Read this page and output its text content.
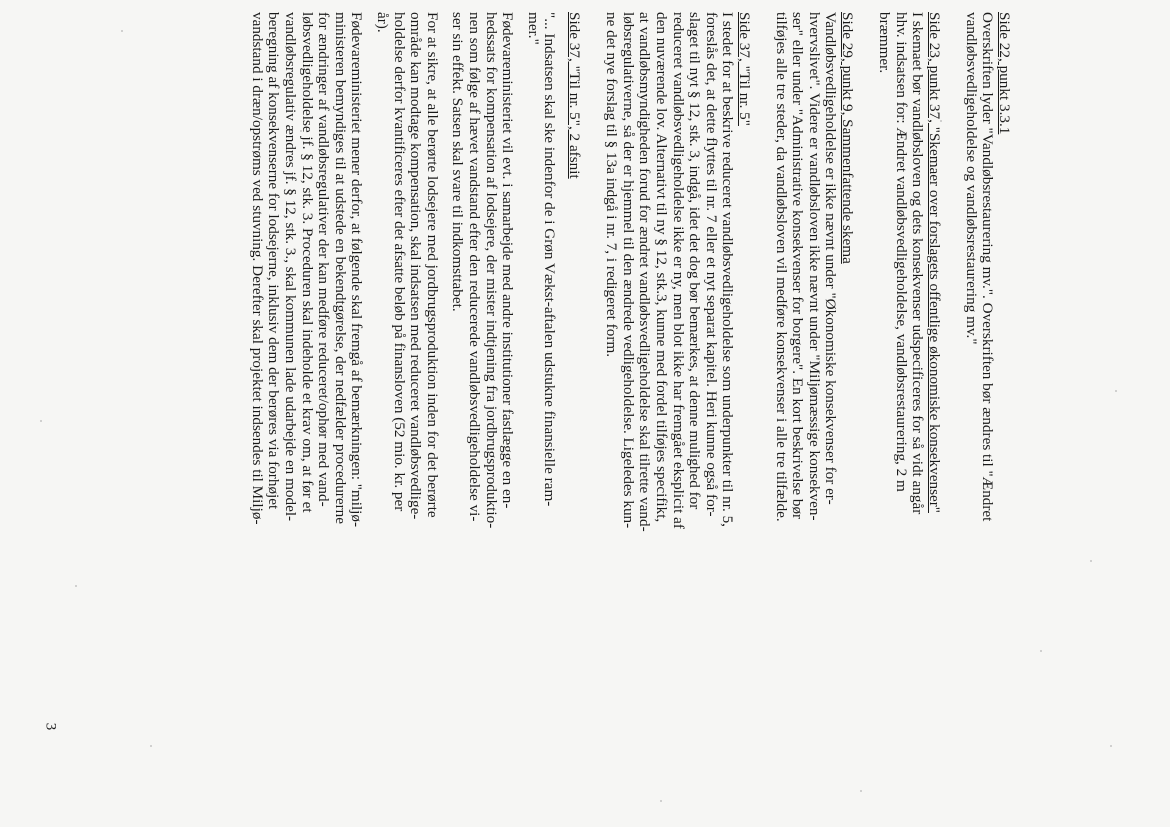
Side 22, punkt 3.3.1
Overskriften lyder "Vandløbsrestaurering mv.". Overskriften bør ændres til "Ændret
vandløbsvedligeholdelse og vandløbsrestaurering mv."
Side 23, punkt 37, "Skemaer over forslagets offentlige økonomiske konsekvenser"
I skemaet bør vandløbsloven og dets konsekvenser udspecificeres for så vidt angår
hhv. indsatsen for: Ændret vandløbsvedligeholdelse, vandløbsrestaurering, 2 m
bræmmer.
Side 29, punkt 9, Sammenfattende skema
Vandløbsvedligeholdelse er ikke nævnt under "Økonomiske konsekvenser for er-
hvervslivet". Videre er vandløbsloven ikke nævnt under "Miljømæssige konsekven-
ser" eller under "Administrative konsekvenser for borgere". En kort beskrivelse bør
tilføjes alle tre steder, da vandløbsloven vil medføre konsekvenser i alle tre tilfælde.
Side 37, "Til nr. 5"
I stedet for at beskrive reduceret vandløbsvedligeholdelse som underpunkter til nr. 5,
foreslås det, at dette flyttes til nr. 7 eller et nyt separat kapitel. Heri kunne også for-
slaget til nyt § 12, stk. 3, indgå, idet det dog bør bemærkes, at denne mulighed for
reduceret vandløbsvedligeholdelse ikke er ny, men blot ikke har fremgået eksplicit af
den nuværende lov. Alternativt til ny § 12, stk.3, kunne med fordel tilføjes specifikt,
at vandløbsmyndigheden forud for ændret vandløbsvedligeholdelse skal tilrette vand-
løbsregulativerne, så der er hjemmel til den ændrede vedligeholdelse. Ligeledes kun-
ne det nye forslag til § 13a indgå i nr. 7, i redigeret form.
Side 37, "Til nr. 5", 2 afsnit
"... Indsatsen skal ske indenfor de i Grøn Vækst-aftalen udstukne finansielle ram-
mer."
Fødevareministeriet vil evt. i samarbejde med andre institutioner fastlægge en en-
hedssats for kompensation af lodsejere, der mister indtjening fra jordbrugsproduktio-
nen som følge af hævet vandstand efter den reducerede vandløbsvedligeholdelse vi-
ser sin effekt. Satsen skal svare til indkomsttabet.
For at sikre, at alle berørte lodsejere med jordbrugsproduktion inden for det berørte
område kan modtage kompensation, skal indsatsen med reduceret vandløbsvedlige-
holdelse derfor kvantificeres efter det afsatte beløb på finansloven (52 mio. kr. per
år).
Fødevareministeriet mener derfor, at følgende skal fremgå af bemærkningen: "miljø-
ministeren bemyndiges til at udstede en bekendtgørelse, der nedfælder procedurerne
for ændringer af vandløbsregulativer der kan medføre reduceret/ophør med vand-
løbsvedligeholdelse jf. § 12, stk. 3. Proceduren skal indeholde et krav om, at før et
vandløbsregulativ ændres jf. § 12, stk. 3., skal kommunen lade udarbejde en model-
beregning af konsekvenserne for lodsejerne, inklusiv dem der berøres via forhøjet
vandstand i dræn/opstrøms ved stuvning. Derefter skal projektet indsendes til Miljø-
3
